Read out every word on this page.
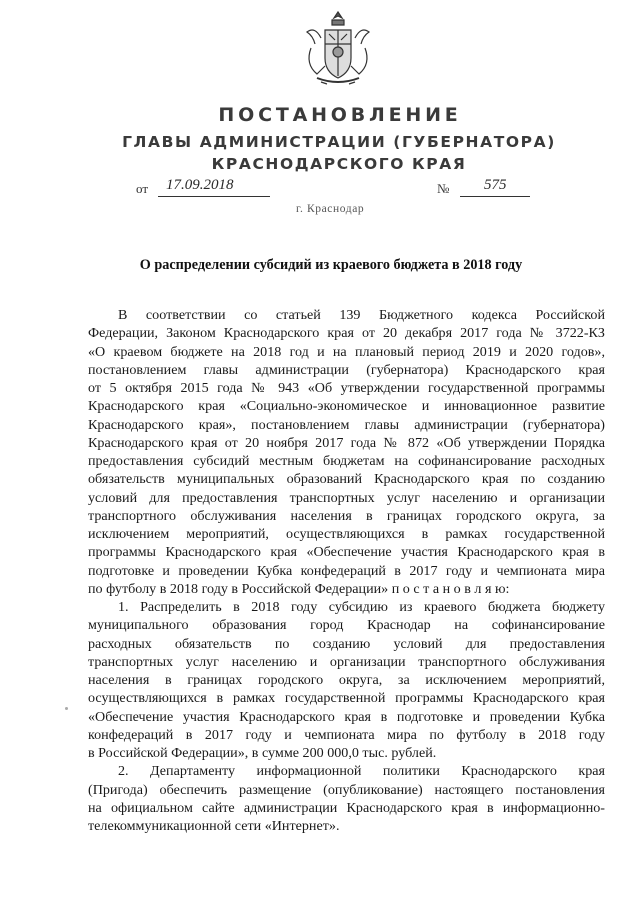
ПОСТАНОВЛЕНИЕ
ГЛАВЫ АДМИНИСТРАЦИИ (ГУБЕРНАТОРА)
КРАСНОДАРСКОГО КРАЯ
от 17.09.2018	№ 575
г. Краснодар
О распределении субсидий из краевого бюджета в 2018 году
В соответствии со статьей 139 Бюджетного кодекса Российской
Федерации, Законом Краснодарского края от 20 декабря 2017 года № 3722-КЗ
«О краевом бюджете на 2018 год и на плановый период 2019 и 2020 годов»,
постановлением главы администрации (губернатора) Краснодарского края
от 5 октября 2015 года № 943 «Об утверждении государственной программы
Краснодарского края «Социально-экономическое и инновационное развитие
Краснодарского края», постановлением главы администрации (губернатора)
Краснодарского края от 20 ноября 2017 года № 872 «Об утверждении Порядка
предоставления субсидий местным бюджетам на софинансирование расходных
обязательств муниципальных образований Краснодарского края по созданию
условий для предоставления транспортных услуг населению и организации
транспортного обслуживания населения в границах городского округа, за
исключением мероприятий, осуществляющихся в рамках государственной
программы Краснодарского края «Обеспечение участия Краснодарского края в
подготовке и проведении Кубка конфедераций в 2017 году и чемпионата мира
по футболу в 2018 году в Российской Федерации» п о с т а н о в л я ю:
1. Распределить в 2018 году субсидию из краевого бюджета бюджету
муниципального образования город Краснодар на софинансирование
расходных обязательств по созданию условий для предоставления
транспортных услуг населению и организации транспортного обслуживания
населения в границах городского округа, за исключением мероприятий,
осуществляющихся в рамках государственной программы Краснодарского края
«Обеспечение участия Краснодарского края в подготовке и проведении Кубка
конфедераций в 2017 году и чемпионата мира по футболу в 2018 году
в Российской Федерации», в сумме 200 000,0 тыс. рублей.
2. Департаменту информационной политики Краснодарского края
(Пригода) обеспечить размещение (опубликование) настоящего постановления
на официальном сайте администрации Краснодарского края в информационно-
телекоммуникационной сети «Интернет».
